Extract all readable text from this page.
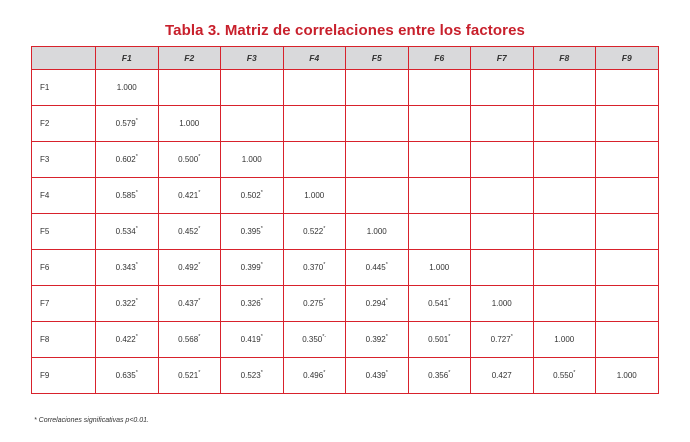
Tabla 3. Matriz de correlaciones entre los factores
	F1	F2	F3	F4	F5	F6	F7	F8	F9
F1	1.000								
F2	0.579*	1.000							
F3	0.602*	0.500*	1.000						
F4	0.585*	0.421*	0.502*	1.000					
F5	0.534*	0.452*	0.395*	0.522*	1.000				
F6	0.343*	0.492*	0.399*	0.370*	0.445*	1.000			
F7	0.322*	0.437*	0.326*	0.275*	0.294*	0.541*	1.000		
F8	0.422*	0.568*	0.419*	0.350*-	0.392*	0.501*	0.727*	1.000	
F9	0.635*	0.521*	0.523*	0.496*	0.439*	0.356*	0.427	0.550*	1.000
* Correlaciones significativas p<0.01.
